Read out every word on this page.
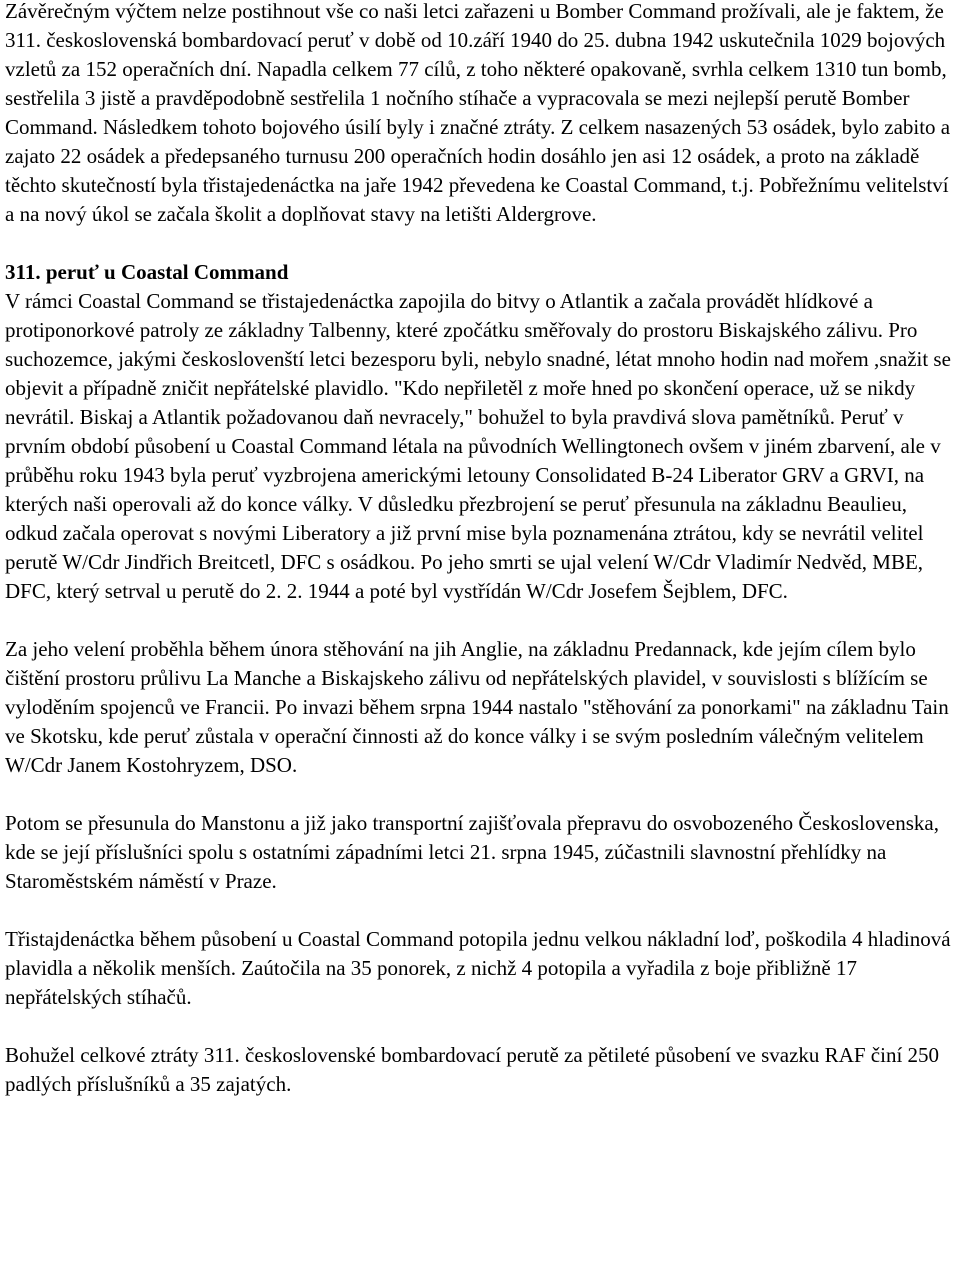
Závěrečným výčtem nelze postihnout vše co naši letci zařazeni u Bomber Command prožívali, ale je faktem, že 311. československá bombardovací peruť v době od 10.září 1940 do 25. dubna 1942 uskutečnila 1029 bojových vzletů za 152 operačních dní. Napadla celkem 77 cílů, z toho některé opakovaně, svrhla celkem 1310 tun bomb, sestřelila 3 jistě a pravděpodobně sestřelila 1 nočního stíhače a vypracovala se mezi nejlepší perutě Bomber Command. Následkem tohoto bojového úsilí byly i značné ztráty. Z celkem nasazených 53 osádek, bylo zabito a zajato 22 osádek a předepsaného turnusu 200 operačních hodin dosáhlo jen asi 12 osádek, a proto na základě těchto skutečností byla třistajedenáctka na jaře 1942 převedena ke Coastal Command, t.j. Pobřežnímu velitelství a na nový úkol se začala školit a doplňovat stavy na letišti Aldergrove.

311. peruť u Coastal Command

V rámci Coastal Command se třistajedenáctka zapojila do bitvy o Atlantik a začala provádět hlídkové a protiponorkové patroly ze základny Talbenny, které zpočátku směřovaly do prostoru Biskajského zálivu. Pro suchozemce, jakými českoslovenští letci bezesporu byli, nebylo snadné, létat mnoho hodin nad mořem ,snažit se objevit a případně zničit nepřátelské plavidlo. "Kdo nepřiletěl z moře hned po skončení operace, už se nikdy nevrátil. Biskaj a Atlantik požadovanou daň nevracely," bohužel to byla pravdivá slova pamětníků. Peruť v prvním období působení u Coastal Command létala na původních Wellingtonech ovšem v jiném zbarvení, ale v průběhu roku 1943 byla peruť vyzbrojena americkými letouny Consolidated B-24 Liberator GRV a GRVI, na kterých naši operovali až do konce války. V důsledku přezbrojení se peruť přesunula na základnu Beaulieu, odkud začala operovat s novými Liberatory a již první mise byla poznamenána ztrátou, kdy se nevrátil velitel perutě W/Cdr Jindřich Breitcetl, DFC s osádkou. Po jeho smrti se ujal velení W/Cdr Vladimír Nedvěd, MBE, DFC, který setrval u perutě do 2. 2. 1944 a poté byl vystřídán W/Cdr Josefem Šejblem, DFC.

Za jeho velení proběhla během února stěhování na jih Anglie, na základnu Predannack, kde jejím cílem bylo čištění prostoru průlivu La Manche a Biskajskeho zálivu od nepřátelských plavidel, v souvislosti s blížícím se vyloděním spojenců ve Francii. Po invazi během srpna 1944 nastalo "stěhování za ponorkami" na základnu Tain ve Skotsku, kde peruť zůstala v operační činnosti až do konce války i se svým posledním válečným velitelem W/Cdr Janem Kostohryzem, DSO.

Potom se přesunula do Manstonu a již jako transportní zajišťovala přepravu do osvobozeného Československa, kde se její příslušníci spolu s ostatními západními letci 21. srpna 1945, zúčastnili slavnostní přehlídky na Staroměstském náměstí v Praze.

Třistajdenáctka během působení u Coastal Command potopila jednu velkou nákladní loď, poškodila 4 hladinová plavidla a několik menších. Zaútočila na 35 ponorek, z nichž 4 potopila a vyřadila z boje přibližně 17 nepřátelských stíhačů.

Bohužel celkové ztráty 311. československé bombardovací perutě za pětileté působení ve svazku RAF činí 250 padlých příslušníků a 35 zajatých.
